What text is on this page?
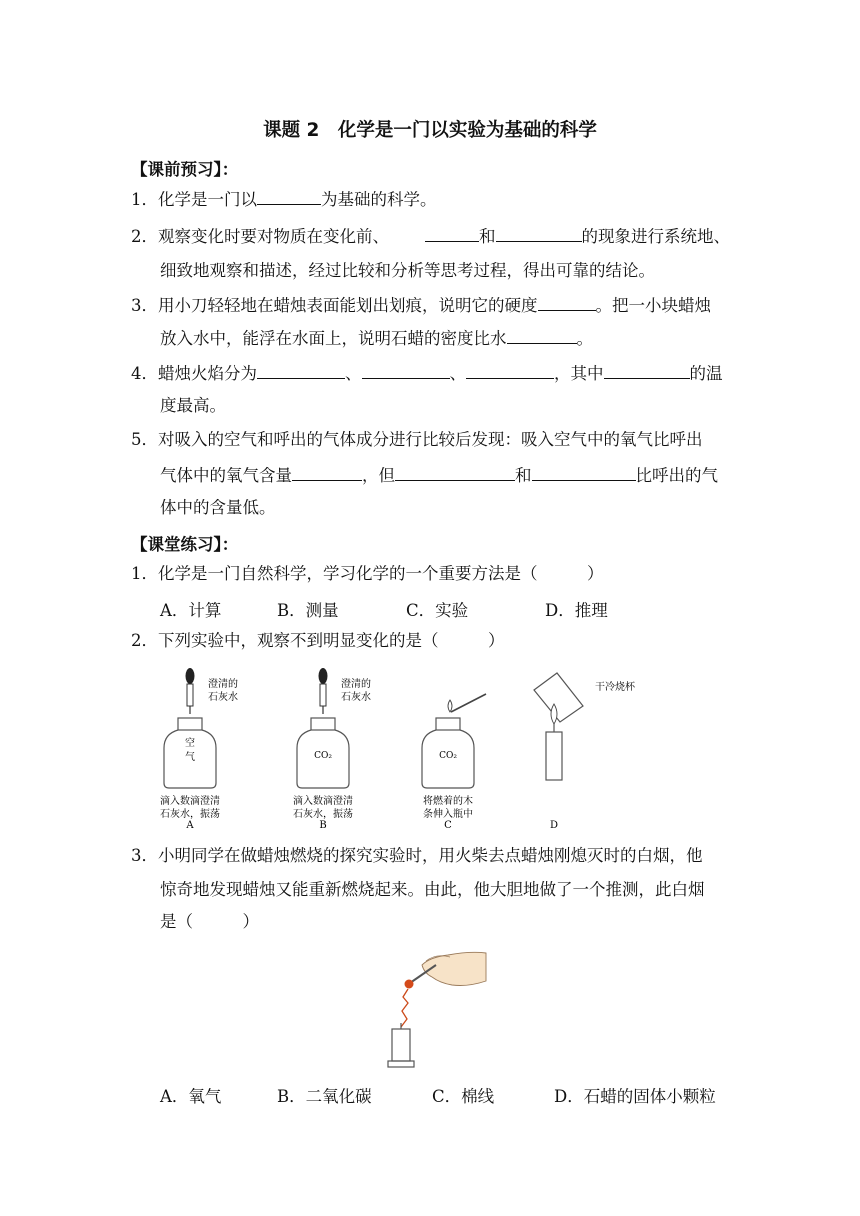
课题 2　化学是一门以实验为基础的科学
【课前预习】：
1．化学是一门以	为基础的科学。
2．观察变化时要对物质在变化前、	和	的现象进行系统地、
细致地观察和描述，经过比较和分析等思考过程，得出可靠的结论。
3．用小刀轻轻地在蜡烛表面能划出划痕，说明它的硬度	。把一小块蜡烛
放入水中，能浮在水面上，说明石蜡的密度比水	。
4．蜡烛火焰分为	、	、	，其中	的温
度最高。
5．对吸入的空气和呼出的气体成分进行比较后发现：吸入空气中的氧气比呼出
气体中的氧气含量	，但	和	比呼出的气
体中的含量低。
【课堂练习】：
1．化学是一门自然科学，学习化学的一个重要方法是（　　　）
A．计算	B．测量	C．实验	D．推理
2．下列实验中，观察不到明显变化的是（　　　）
澄清的
石灰水
空
气
滴入数滴澄清
石灰水，振荡
A
澄清的
石灰水
CO₂
滴入数滴澄清
石灰水，振荡
B
CO₂
将燃着的木
条伸入瓶中
C
干冷烧杯
D
3．小明同学在做蜡烛燃烧的探究实验时，用火柴去点蜡烛刚熄灭时的白烟，他
惊奇地发现蜡烛又能重新燃烧起来。由此，他大胆地做了一个推测，此白烟
是（　　　）
A．氧气	B．二氧化碳	C．棉线	D．石蜡的固体小颗粒
